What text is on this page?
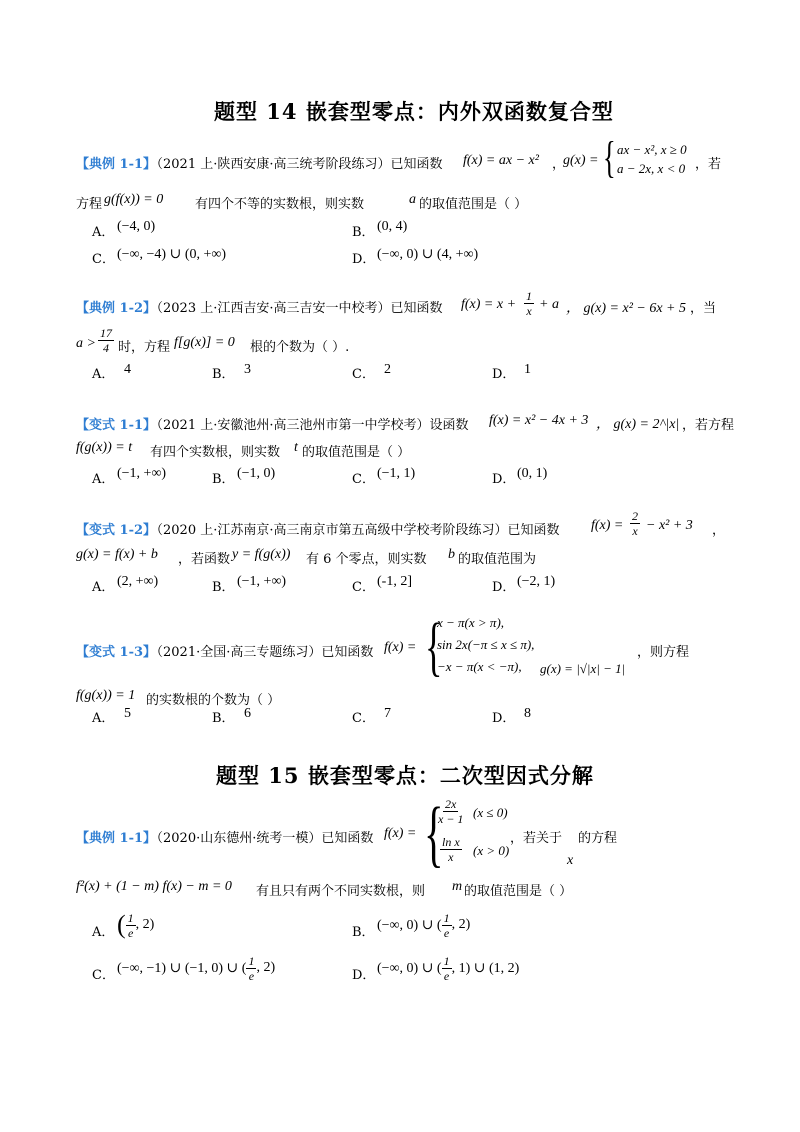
题型 14 嵌套型零点：内外双函数复合型
【典例 1-1】
（2021 上·陕西安康·高三统考阶段练习）已知函数 f(x) = ax − x² ，
g(x) = { ax − x², x ≥ 0
a − 2x, x < 0 ，若
方程 g(f(x)) = 0 有四个不等的实数根，则实数	a 的取值范围是（ ）
A． (−4, 0)	B． (0, 4)
C． (−∞, −4) ∪ (0, +∞)	D． (−∞, 0) ∪ (4, +∞)
【典例 1-2】
（2023 上·江西吉安·高三吉安一中校考）已知函数 $f(x) = x + \frac{1}{x} + a$ ， g(x) = x² − 6x + 5 ，当
$a > \frac{17}{4}$ 时，方程 f[g(x)] = 0 根的个数为（ ）.
A． 4	B． 3	C． 2	D． 1
【变式 1-1】
（2021 上·安徽池州·高三池州市第一中学校考）设函数 f(x) = x² − 4x + 3 ， g(x) = 2^|x| ，若方程
f(g(x)) = t 有四个实数根，则实数 t 的取值范围是（ ）
A． (−1, +∞)	B． (−1, 0)	C． (−1, 1)	D． (0, 1)
【变式 1-2】
（2020 上·江苏南京·高三南京市第五高级中学校考阶段练习）已知函数 $f(x) = \frac{2}{x} - x^2 + 3$ ，
g(x) = f(x) + b ，若函数 y = f(g(x)) 有 6 个零点，则实数 b 的取值范围为
A． (2, +∞)	B． (−1, +∞)	C． (-1, 2]	D． (−2, 1)
【变式 1-3】
（2021·全国·高三专题练习）已知函数 f(x) = {
x − π(x > π),
sin 2x(−π ≤ x ≤ π),
−x − π(x < −π), g(x) = |√|x| − 1|
，则方程
f(g(x)) = 1 的实数根的个数为（ ）
A． 5	B． 6	C． 7	D． 8
题型 15 嵌套型零点：二次型因式分解
【典例 1-1】
（2020·山东德州·统考一模）已知函数 f(x) = {
$\frac{2x}{x - 1} (x \le 0)$
$\frac{\text{ln x}}{x} (x > 0)$
，若关于 的方程
x
f²(x) + (1 − m) f(x) − m = 0 有且只有两个不同实数根，则 m 的取值范围是（ ）
A． ( $\frac{1}{e}$ , 2)
B． (−∞, 0) ∪ ( $\frac{1}{e}$ , 2)
C． (−∞, −1) ∪ (−1, 0) ∪ ( $\frac{1}{e}$ , 2)
D． (−∞, 0) ∪ ( $\frac{1}{e}$ , 1) ∪ (1, 2)
